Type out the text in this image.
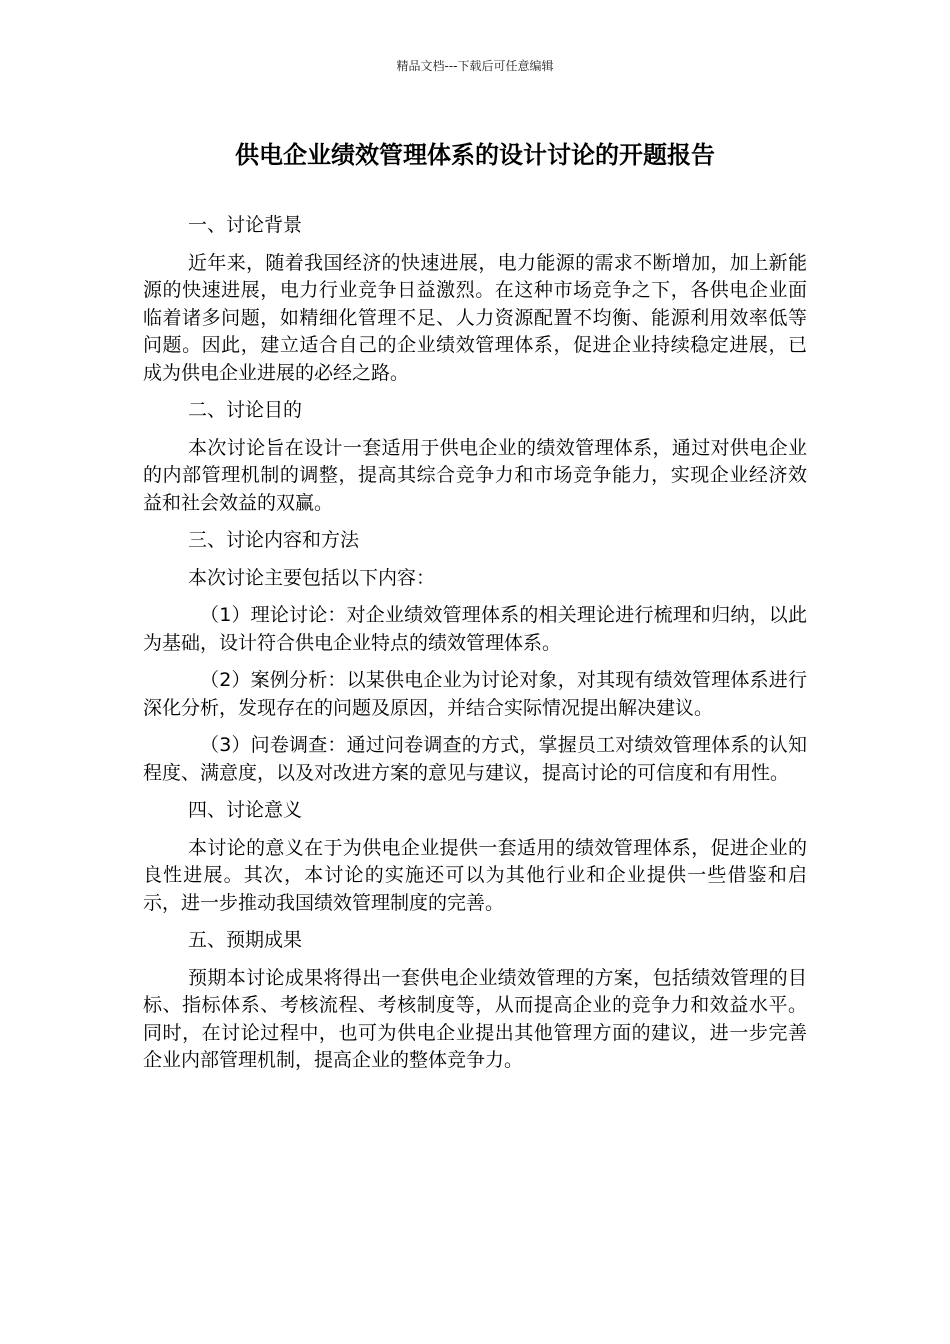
精品文档---下载后可任意编辑
供电企业绩效管理体系的设计讨论的开题报告
一、讨论背景

近年来，随着我国经济的快速进展，电力能源的需求不断增加，加上新能源的快速进展，电力行业竞争日益激烈。在这种市场竞争之下，各供电企业面临着诸多问题，如精细化管理不足、人力资源配置不均衡、能源利用效率低等问题。因此，建立适合自己的企业绩效管理体系，促进企业持续稳定进展，已成为供电企业进展的必经之路。

二、讨论目的

本次讨论旨在设计一套适用于供电企业的绩效管理体系，通过对供电企业的内部管理机制的调整，提高其综合竞争力和市场竞争能力，实现企业经济效益和社会效益的双赢。

三、讨论内容和方法

本次讨论主要包括以下内容：

（1）理论讨论：对企业绩效管理体系的相关理论进行梳理和归纳，以此为基础，设计符合供电企业特点的绩效管理体系。

（2）案例分析：以某供电企业为讨论对象，对其现有绩效管理体系进行深化分析，发现存在的问题及原因，并结合实际情况提出解决建议。

（3）问卷调查：通过问卷调查的方式，掌握员工对绩效管理体系的认知程度、满意度，以及对改进方案的意见与建议，提高讨论的可信度和有用性。

四、讨论意义

本讨论的意义在于为供电企业提供一套适用的绩效管理体系，促进企业的良性进展。其次，本讨论的实施还可以为其他行业和企业提供一些借鉴和启示，进一步推动我国绩效管理制度的完善。

五、预期成果

预期本讨论成果将得出一套供电企业绩效管理的方案，包括绩效管理的目标、指标体系、考核流程、考核制度等，从而提高企业的竞争力和效益水平。同时，在讨论过程中，也可为供电企业提出其他管理方面的建议，进一步完善企业内部管理机制，提高企业的整体竞争力。
